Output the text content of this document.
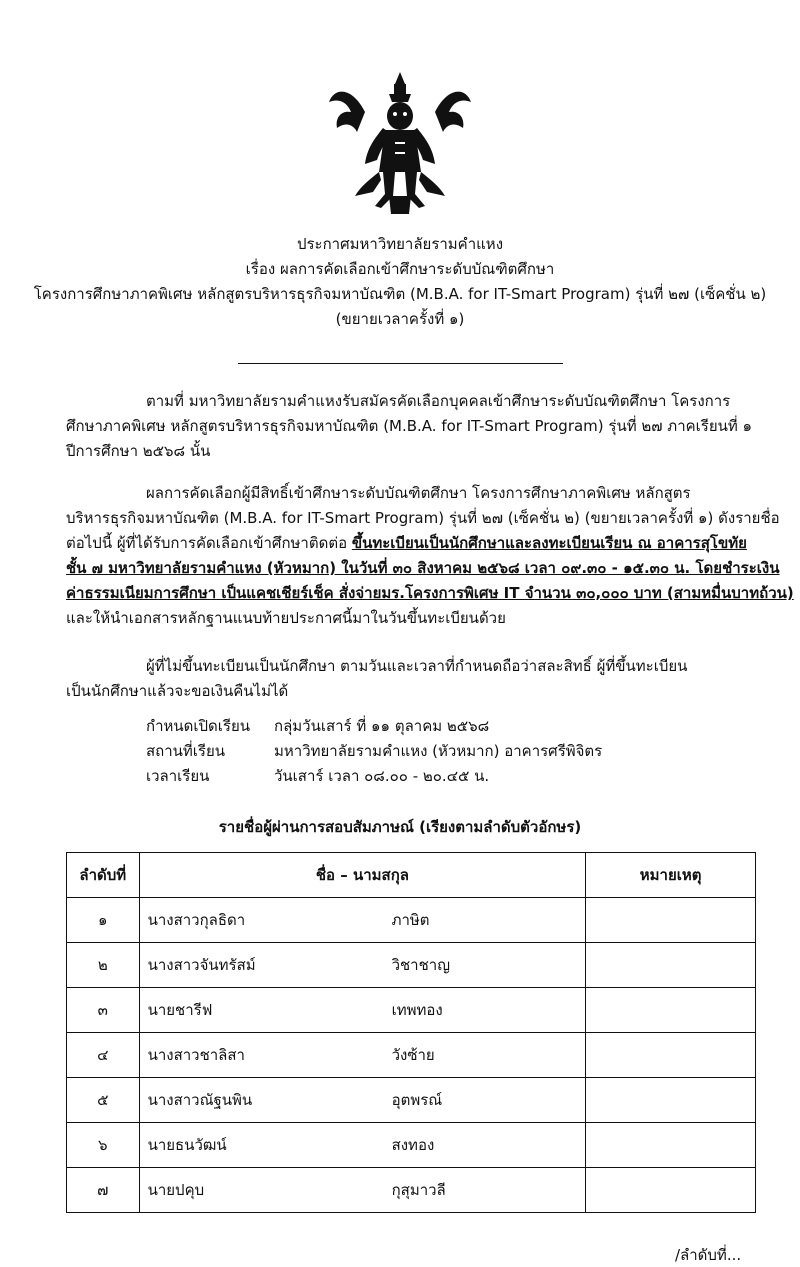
ประกาศมหาวิทยาลัยรามคำแหง
เรื่อง ผลการคัดเลือกเข้าศึกษาระดับบัณฑิตศึกษา
โครงการศึกษาภาคพิเศษ หลักสูตรบริหารธุรกิจมหาบัณฑิต (M.B.A. for IT-Smart Program) รุ่นที่ ๒๗ (เซ็คชั่น ๒)
(ขยายเวลาครั้งที่ ๑)

ตามที่ มหาวิทยาลัยรามคำแหงรับสมัครคัดเลือกบุคคลเข้าศึกษาระดับบัณฑิตศึกษา โครงการ
ศึกษาภาคพิเศษ หลักสูตรบริหารธุรกิจมหาบัณฑิต (M.B.A. for IT-Smart Program) รุ่นที่ ๒๗ ภาคเรียนที่ ๑
ปีการศึกษา ๒๕๖๘ นั้น

ผลการคัดเลือกผู้มีสิทธิ์เข้าศึกษาระดับบัณฑิตศึกษา โครงการศึกษาภาคพิเศษ หลักสูตร
บริหารธุรกิจมหาบัณฑิต (M.B.A. for IT-Smart Program) รุ่นที่ ๒๗ (เซ็คชั่น ๒) (ขยายเวลาครั้งที่ ๑) ดังรายชื่อ
ต่อไปนี้ ผู้ที่ได้รับการคัดเลือกเข้าศึกษาติดต่อ ขึ้นทะเบียนเป็นนักศึกษาและลงทะเบียนเรียน ณ อาคารสุโขทัย
ชั้น ๗ มหาวิทยาลัยรามคำแหง (หัวหมาก) ในวันที่ ๓๐ สิงหาคม ๒๕๖๘ เวลา ๐๙.๓๐ - ๑๕.๓๐ น. โดยชำระเงิน
ค่าธรรมเนียมการศึกษา เป็นแคชเชียร์เช็ค สั่งจ่ายมร.โครงการพิเศษ IT จำนวน ๓๐,๐๐๐ บาท (สามหมื่นบาทถ้วน)
และให้นำเอกสารหลักฐานแนบท้ายประกาศนี้มาในวันขึ้นทะเบียนด้วย

ผู้ที่ไม่ขึ้นทะเบียนเป็นนักศึกษา ตามวันและเวลาที่กำหนดถือว่าสละสิทธิ์ ผู้ที่ขึ้นทะเบียน
เป็นนักศึกษาแล้วจะขอเงินคืนไม่ได้

กำหนดเปิดเรียน กลุ่มวันเสาร์ ที่ ๑๑ ตุลาคม ๒๕๖๘
สถานที่เรียน	มหาวิทยาลัยรามคำแหง (หัวหมาก) อาคารศรีพิจิตร
เวลาเรียน	วันเสาร์ เวลา ๐๘.๐๐ - ๒๐.๔๕ น.
รายชื่อผู้ผ่านการสอบสัมภาษณ์ (เรียงตามลำดับตัวอักษร)
ลำดับที่	ชื่อ – นามสกุล	หมายเหตุ
๑	นางสาวกุลธิดา ภาษิต	
๒	นางสาวจันทรัสม์ วิชาชาญ	
๓	นายชารีฟ เทพทอง	
๔	นางสาวชาลิสา วังซ้าย	
๕	นางสาวณัฐนพิน อุตพรณ์	
๖	นายธนวัฒน์ สงทอง	
๗	นายปคุบ กุสุมาวลี	
/ลำดับที่...
